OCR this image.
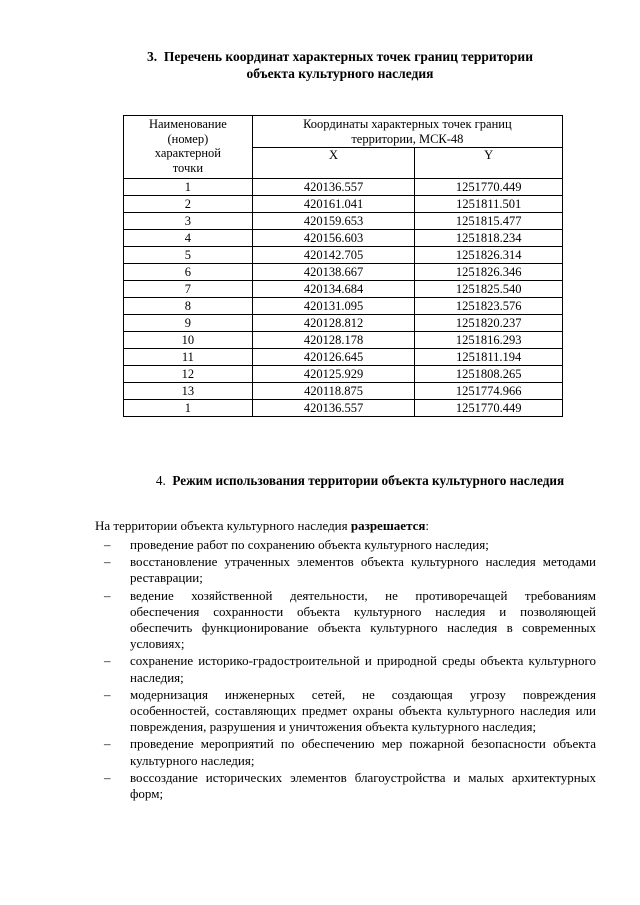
3. Перечень координат характерных точек границ территории
объекта культурного наследия
Наименование
(номер)
характерной
точки	Координаты характерных точек границ территории, МСК-48	
	X	Y
1	420136.557	1251770.449
2	420161.041	1251811.501
3	420159.653	1251815.477
4	420156.603	1251818.234
5	420142.705	1251826.314
6	420138.667	1251826.346
7	420134.684	1251825.540
8	420131.095	1251823.576
9	420128.812	1251820.237
10	420128.178	1251816.293
11	420126.645	1251811.194
12	420125.929	1251808.265
13	420118.875	1251774.966
1	420136.557	1251770.449
4. Режим использования территории объекта культурного наследия
На территории объекта культурного наследия разрешается:
– проведение работ по сохранению объекта культурного наследия;
– восстановление утраченных элементов объекта культурного наследия методами реставрации;
– ведение хозяйственной деятельности, не противоречащей требованиям обеспечения сохранности объекта культурного наследия и позволяющей обеспечить функционирование объекта культурного наследия в современных условиях;
– сохранение историко-градостроительной и природной среды объекта культурного наследия;
– модернизация инженерных сетей, не создающая угрозу повреждения особенностей, составляющих предмет охраны объекта культурного наследия или повреждения, разрушения и уничтожения объекта культурного наследия;
– проведение мероприятий по обеспечению мер пожарной безопасности объекта культурного наследия;
– воссоздание исторических элементов благоустройства и малых архитектурных форм;
